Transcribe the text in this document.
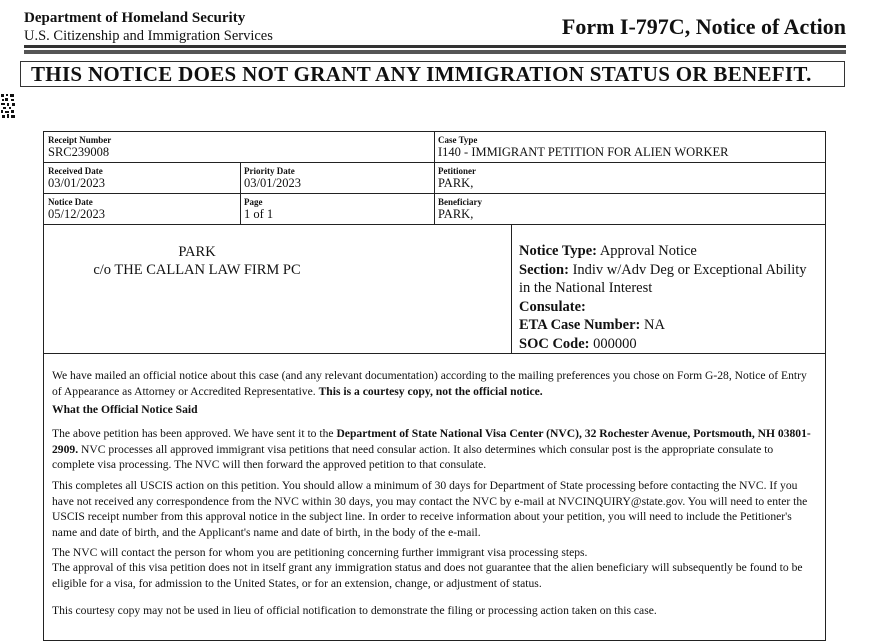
Department of Homeland Security
U.S. Citizenship and Immigration Services	Form I-797C, Notice of Action
THIS NOTICE DOES NOT GRANT ANY IMMIGRATION STATUS OR BENEFIT.
Receipt Number
SRC239008
Case Type
I140 - IMMIGRANT PETITION FOR ALIEN WORKER
Received Date
03/01/2023
Priority Date
03/01/2023
Petitioner
PARK,
Notice Date
05/12/2023
Page
1 of 1
Beneficiary
PARK,
PARK
c/o THE CALLAN LAW FIRM PC
Notice Type: Approval Notice
Section: Indiv w/Adv Deg or Exceptional Ability in the National Interest
Consulate:
ETA Case Number: NA
SOC Code: 000000
We have mailed an official notice about this case (and any relevant documentation) according to the mailing preferences you chose on Form G-28, Notice of Entry of Appearance as Attorney or Accredited Representative. This is a courtesy copy, not the official notice.
What the Official Notice Said
The above petition has been approved. We have sent it to the Department of State National Visa Center (NVC), 32 Rochester Avenue, Portsmouth, NH 03801-2909. NVC processes all approved immigrant visa petitions that need consular action. It also determines which consular post is the appropriate consulate to complete visa processing. The NVC will then forward the approved petition to that consulate.
This completes all USCIS action on this petition. You should allow a minimum of 30 days for Department of State processing before contacting the NVC. If you have not received any correspondence from the NVC within 30 days, you may contact the NVC by e-mail at NVCINQUIRY@state.gov. You will need to enter the USCIS receipt number from this approval notice in the subject line. In order to receive information about your petition, you will need to include the Petitioner's name and date of birth, and the Applicant's name and date of birth, in the body of the e-mail.
The NVC will contact the person for whom you are petitioning concerning further immigrant visa processing steps.
The approval of this visa petition does not in itself grant any immigration status and does not guarantee that the alien beneficiary will subsequently be found to be eligible for a visa, for admission to the United States, or for an extension, change, or adjustment of status.
This courtesy copy may not be used in lieu of official notification to demonstrate the filing or processing action taken on this case.
